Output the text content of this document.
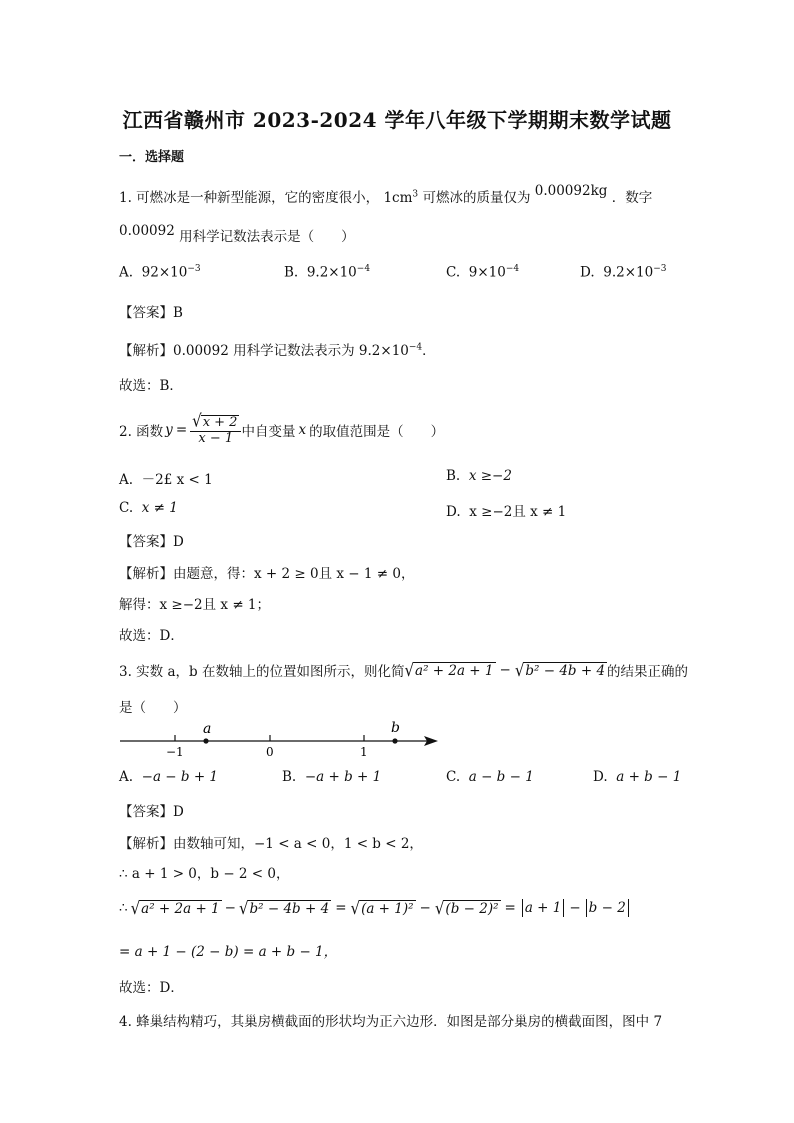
江西省赣州市 2023-2024 学年八年级下学期期末数学试题
一．选择题
1. 可燃冰是一种新型能源，它的密度很小， $1cm^3$ 可燃冰的质量仅为 0.00092kg ．数字
0.00092 用科学记数法表示是（　　）
A. $92\times 10^{-3}$	B. $9.2\times 10^{-4}$	C. $9\times 10^{-4}$	D. $9.2\times 10^{-3}$
【答案】B
【解析】0.00092 用科学记数法表示为 $9.2\times 10^{-4}$．
故选：B．
2. 函数 $y = \frac{√x + 2}{x - 1}$ 中自变量 x 的取值范围是（　　）
A. －2£ x < 1	B. x ≥−2
C. x ≠ 1	D. x ≥−2且 x ≠ 1
【答案】D
【解析】由题意，得：x + 2 ≥ 0且 x − 1 ≠ 0，
解得：x ≥−2且 x ≠ 1；
故选：D．
3. 实数 a，b 在数轴上的位置如图所示，则化简 √ a² + 2a + 1 − √ b² − 4b + 4 的结果正确的
是（　　）
a	b
−1	0	1
A. −a − b + 1	B. −a + b + 1	C. a − b − 1	D. a + b − 1
【答案】D
【解析】由数轴可知，−1 < a < 0，1 < b < 2，
∴ a + 1 > 0，b − 2 < 0，
∴ √ a² + 2a + 1 − √ b² − 4b + 4 = √ (a + 1)² − √ (b − 2)² = a + 1 − b − 2
= a + 1 − (2 − b) = a + b − 1，
故选：D．
4. 蜂巢结构精巧，其巢房横截面的形状均为正六边形．如图是部分巢房的横截面图，图中 7
